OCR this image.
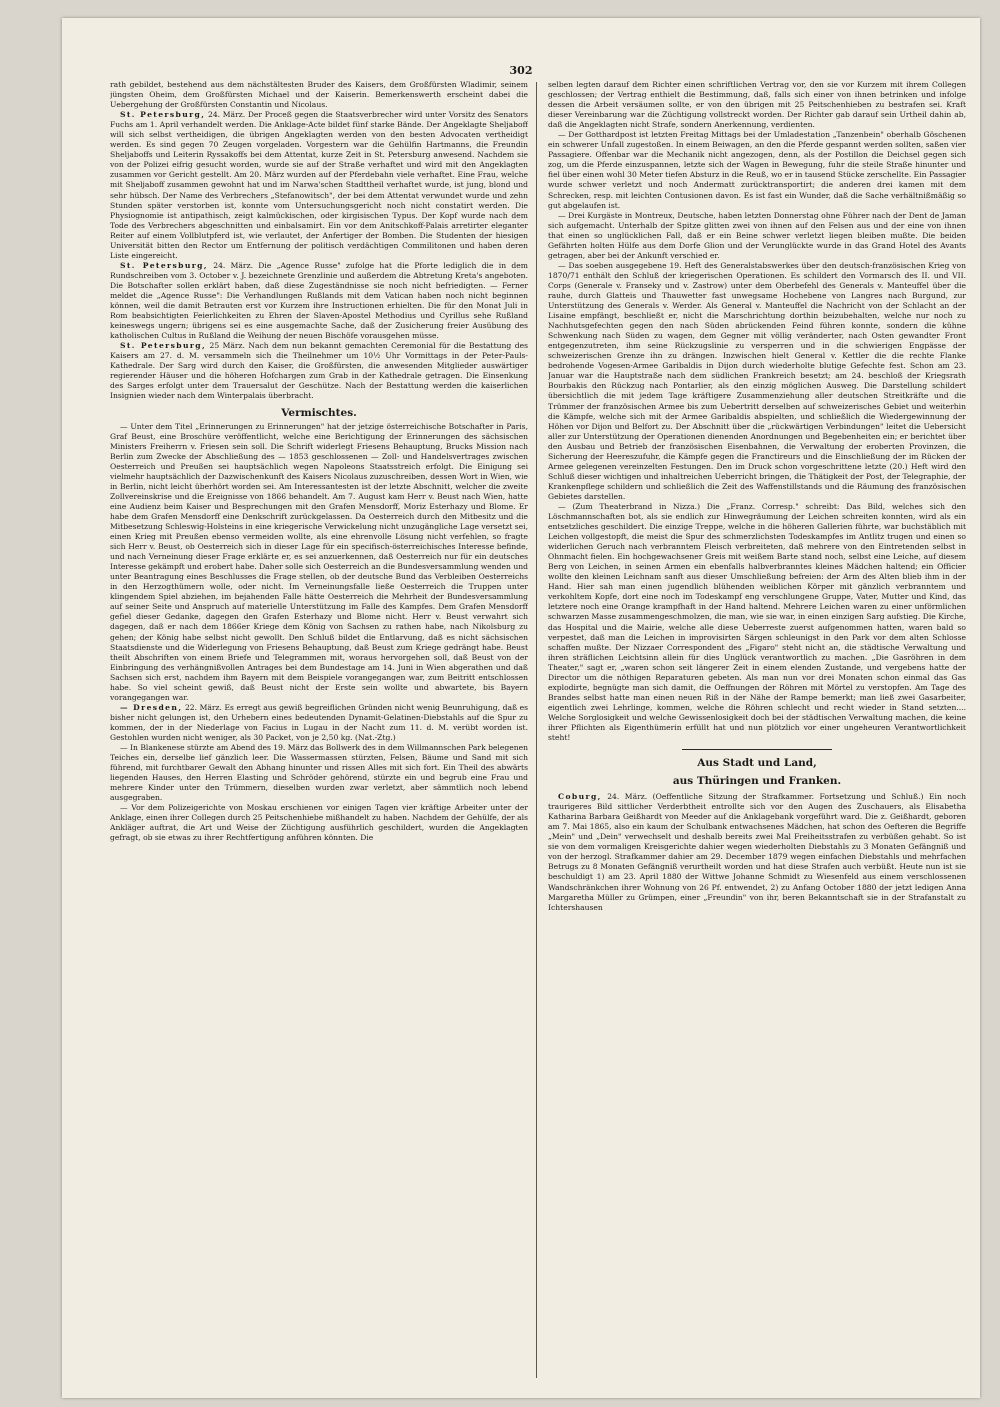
302

rath gebildet, bestehend aus dem nächstältesten Bruder des Kaisers, dem Großfürsten Wladimir, seinem jüngsten Oheim, dem Großfürsten Michael und der Kaiserin. Bemerkenswerth erscheint dabei die Uebergehung der Großfürsten Constantin und Nicolaus.

St. Petersburg, 24. März. Der Proceß gegen die Staatsverbrecher wird unter Vorsitz des Senators Fuchs am 1. April verhandelt werden. Die Anklage-Acte bildet fünf starke Bände. Der Angeklagte Sheljaboff will sich selbst vertheidigen, die übrigen Angeklagten werden von den besten Advocaten vertheidigt werden. Es sind gegen 70 Zeugen vorgeladen. Vorgestern war die Gehülfin Hartmanns, die Freundin Sheljaboffs und Leiterin Ryssakoffs bei dem Attentat, kurze Zeit in St. Petersburg anwesend. Nachdem sie von der Polizei eifrig gesucht worden, wurde sie auf der Straße verhaftet und wird mit den Angeklagten zusammen vor Gericht gestellt. Am 20. März wurden auf der Pferdebahn viele verhaftet. Eine Frau, welche mit Sheljaboff zusammen gewohnt hat und im Narwa'schen Stadttheil verhaftet wurde, ist jung, blond und sehr hübsch. Der Name des Verbrechers „Stefanowitsch", der bei dem Attentat verwundet wurde und zehn Stunden später verstorben ist, konnte vom Untersuchungsgericht noch nicht constatirt werden. Die Physiognomie ist antipathisch, zeigt kalmückischen, oder kirgisischen Typus. Der Kopf wurde nach dem Tode des Verbrechers abgeschnitten und einbalsamirt. Ein vor dem Anitschkoff-Palais arretirter eleganter Reiter auf einem Vollblutpferd ist, wie verlautet, der Anfertiger der Bomben. Die Studenten der hiesigen Universität bitten den Rector um Entfernung der politisch verdächtigen Commilitonen und haben deren Liste eingereicht.

St. Petersburg, 24. März. Die „Agence Russe" zufolge hat die Pforte lediglich die in dem Rundschreiben vom 3. October v. J. bezeichnete Grenzlinie und außerdem die Abtretung Kreta's angeboten. Die Botschafter sollen erklärt haben, daß diese Zugeständnisse sie noch nicht befriedigten. — Ferner meldet die „Agence Russe": Die Verhandlungen Rußlands mit dem Vatican haben noch nicht beginnen können, weil die damit Betrauten erst vor Kurzem ihre Instructionen erhielten. Die für den Monat Juli in Rom beabsichtigten Feierlichkeiten zu Ehren der Slaven-Apostel Methodius und Cyrillus sehe Rußland keineswegs ungern; übrigens sei es eine ausgemachte Sache, daß der Zusicherung freier Ausübung des katholischen Cultus in Rußland die Weihung der neuen Bischöfe vorausgehen müsse.

St. Petersburg, 25 März. Nach dem nun bekannt gemachten Ceremonial für die Bestattung des Kaisers am 27. d. M. versammeln sich die Theilnehmer um 10½ Uhr Vormittags in der Peter-Pauls-Kathedrale. Der Sarg wird durch den Kaiser, die Großfürsten, die anwesenden Mitglieder auswärtiger regierender Häuser und die höheren Hofchargen zum Grab in der Kathedrale getragen. Die Einsenkung des Sarges erfolgt unter dem Trauersalut der Geschütze. Nach der Bestattung werden die kaiserlichen Insignien wieder nach dem Winterpalais überbracht.

Vermischtes.

— Unter dem Titel „Erinnerungen zu Erinnerungen" hat der jetzige österreichische Botschafter in Paris, Graf Beust, eine Broschüre veröffentlicht, welche eine Berichtigung der Erinnerungen des sächsischen Ministers Freiherrn v. Friesen sein soll. Die Schrift widerlegt Friesens Behauptung, Brucks Mission nach Berlin zum Zwecke der Abschließung des — 1853 geschlossenen — Zoll- und Handelsvertrages zwischen Oesterreich und Preußen sei hauptsächlich wegen Napoleons Staatsstreich erfolgt. Die Einigung sei vielmehr hauptsächlich der Dazwischenkunft des Kaisers Nicolaus zuzuschreiben, dessen Wort in Wien, wie in Berlin, nicht leicht überhört worden sei. Am Interessantesten ist der letzte Abschnitt, welcher die zweite Zollvereinskrise und die Ereignisse von 1866 behandelt. Am 7. August kam Herr v. Beust nach Wien, hatte eine Audienz beim Kaiser und Besprechungen mit den Grafen Mensdorff, Moriz Esterhazy und Blome. Er habe dem Grafen Mensdorff eine Denkschrift zurückgelassen. Da Oesterreich durch den Mitbesitz und die Mitbesetzung Schleswig-Holsteins in eine kriegerische Verwickelung nicht unzugängliche Lage versetzt sei, einen Krieg mit Preußen ebenso vermeiden wollte, als eine ehrenvolle Lösung nicht verfehlen, so fragte sich Herr v. Beust, ob Oesterreich sich in dieser Lage für ein specifisch-österreichisches Interesse befinde, und nach Verneinung dieser Frage erklärte er, es sei anzuerkennen, daß Oesterreich nur für ein deutsches Interesse gekämpft und erobert habe. Daher solle sich Oesterreich an die Bundesversammlung wenden und unter Beantragung eines Beschlusses die Frage stellen, ob der deutsche Bund das Verbleiben Oesterreichs in den Herzogthümern wolle, oder nicht. Im Verneinungsfalle ließe Oesterreich die Truppen unter klingendem Spiel abziehen, im bejahenden Falle hätte Oesterreich die Mehrheit der Bundesversammlung auf seiner Seite und Anspruch auf materielle Unterstützung im Falle des Kampfes. Dem Grafen Mensdorff gefiel dieser Gedanke, dagegen den Grafen Esterhazy und Blome nicht. Herr v. Beust verwahrt sich dagegen, daß er nach dem 1866er Kriege dem König von Sachsen zu rathen habe, nach Nikolsburg zu gehen; der König habe selbst nicht gewollt. Den Schluß bildet die Entlarvung, daß es nicht sächsischen Staatsdienste und die Widerlegung von Friesens Behauptung, daß Beust zum Kriege gedrängt habe. Beust theilt Abschriften von einem Briefe und Telegrammen mit, woraus hervorgehen soll, daß Beust von der Einbringung des verhängnißvollen Antrages bei dem Bundestage am 14. Juni in Wien abgerathen und daß Sachsen sich erst, nachdem ihm Bayern mit dem Beispiele vorangegangen war, zum Beitritt entschlossen habe. So viel scheint gewiß, daß Beust nicht der Erste sein wollte und abwartete, bis Bayern vorangegangen war.

— Dresden, 22. März. Es erregt aus gewiß begreiflichen Gründen nicht wenig Beunruhigung, daß es bisher nicht gelungen ist, den Urhebern eines bedeutenden Dynamit-Gelatinen-Diebstahls auf die Spur zu kommen, der in der Niederlage von Facius in Lugau in der Nacht zum 11. d. M. verübt worden ist. Gestohlen wurden nicht weniger, als 30 Packet, von je 2,50 kg. (Nat.-Ztg.)

— In Blankenese stürzte am Abend des 19. März das Bollwerk des in dem Willmannschen Park belegenen Teiches ein, derselbe lief gänzlich leer. Die Wassermassen stürzten, Felsen, Bäume und Sand mit sich führend, mit furchtbarer Gewalt den Abhang hinunter und rissen Alles mit sich fort. Ein Theil des abwärts liegenden Hauses, den Herren Elasting und Schröder gehörend, stürzte ein und begrub eine Frau und mehrere Kinder unter den Trümmern, dieselben wurden zwar verletzt, aber sämmtlich noch lebend ausgegraben.

— Vor dem Polizeigerichte von Moskau erschienen vor einigen Tagen vier kräftige Arbeiter unter der Anklage, einen ihrer Collegen durch 25 Peitschenhiebe mißhandelt zu haben. Nachdem der Gehülfe, der als Ankläger auftrat, die Art und Weise der Züchtigung ausführlich geschildert, wurden die Angeklagten gefragt, ob sie etwas zu ihrer Rechtfertigung anführen könnten. Die

selben legten darauf dem Richter einen schriftlichen Vertrag vor, den sie vor Kurzem mit ihrem Collegen geschlossen; der Vertrag enthielt die Bestimmung, daß, falls sich einer von ihnen betrinken und infolge dessen die Arbeit versäumen sollte, er von den übrigen mit 25 Peitschenhieben zu bestrafen sei. Kraft dieser Vereinbarung war die Züchtigung vollstreckt worden. Der Richter gab darauf sein Urtheil dahin ab, daß die Angeklagten nicht Strafe, sondern Anerkennung, verdienten.

— Der Gotthardpost ist letzten Freitag Mittags bei der Umladestation „Tanzenbein" oberhalb Göschenen ein schwerer Unfall zugestoßen. In einem Beiwagen, an den die Pferde gespannt werden sollten, saßen vier Passagiere. Offenbar war die Mechanik nicht angezogen, denn, als der Postillon die Deichsel gegen sich zog, um die Pferde einzuspannen, letzte sich der Wagen in Bewegung, fuhr die steile Straße hinunter und fiel über einen wohl 30 Meter tiefen Absturz in die Reuß, wo er in tausend Stücke zerschellte. Ein Passagier wurde schwer verletzt und noch Andermatt zurücktransportirt; die anderen drei kamen mit dem Schrecken, resp. mit leichten Contusionen davon. Es ist fast ein Wunder, daß die Sache verhältnißmäßig so gut abgelaufen ist.

— Drei Kurgäste in Montreux, Deutsche, haben letzten Donnerstag ohne Führer nach der Dent de Jaman sich aufgemacht. Unterhalb der Spitze glitten zwei von ihnen auf den Felsen aus und der eine von ihnen that einen so unglücklichen Fall, daß er ein Beine schwer verletzt liegen bleiben mußte. Die beiden Gefährten holten Hülfe aus dem Dorfe Glion und der Verunglückte wurde in das Grand Hotel des Avants getragen, aber bei der Ankunft verschied er.

— Das soeben ausgegebene 19. Heft des Generalstabswerkes über den deutsch-französischen Krieg von 1870/71 enthält den Schluß der kriegerischen Operationen. Es schildert den Vormarsch des II. und VII. Corps (Generale v. Franseky und v. Zastrow) unter dem Oberbefehl des Generals v. Manteuffel über die rauhe, durch Glatteis und Thauwetter fast unwegsame Hochebene von Langres nach Burgund, zur Unterstützung des Generals v. Werder. Als General v. Manteuffel die Nachricht von der Schlacht an der Lisaine empfängt, beschließt er, nicht die Marschrichtung dorthin beizubehalten, welche nur noch zu Nachhutsgefechten gegen den nach Süden abrückenden Feind führen konnte, sondern die kühne Schwenkung nach Süden zu wagen, dem Gegner mit völlig veränderter, nach Osten gewandter Front entgegenzutreten, ihm seine Rückzugslinie zu versperren und in die schwierigen Engpässe der schweizerischen Grenze ihn zu drängen. Inzwischen hielt General v. Kettler die die rechte Flanke bedrohende Vogesen-Armee Garibaldis in Dijon durch wiederholte blutige Gefechte fest. Schon am 23. Januar war die Hauptstraße nach dem südlichen Frankreich besetzt; am 24. beschloß der Kriegsrath Bourbakis den Rückzug nach Pontarlier, als den einzig möglichen Ausweg. Die Darstellung schildert übersichtlich die mit jedem Tage kräftigere Zusammenziehung aller deutschen Streitkräfte und die Trümmer der französischen Armee bis zum Uebertritt derselben auf schweizerisches Gebiet und weiterhin die Kämpfe, welche sich mit der Armee Garibaldis abspielten, und schließlich die Wiedergewinnung der Höhen vor Dijon und Belfort zu. Der Abschnitt über die „rückwärtigen Verbindungen" leitet die Uebersicht aller zur Unterstützung der Operationen dienenden Anordnungen und Begebenheiten ein; er berichtet über den Ausbau und Betrieb der französischen Eisenbahnen, die Verwaltung der eroberten Provinzen, die Sicherung der Heereszufuhr, die Kämpfe gegen die Franctireurs und die Einschließung der im Rücken der Armee gelegenen vereinzelten Festungen. Den im Druck schon vorgeschrittene letzte (20.) Heft wird den Schluß dieser wichtigen und inhaltreichen Ueberricht bringen, die Thätigkeit der Post, der Telegraphie, der Krankenpflege schildern und schließlich die Zeit des Waffenstillstands und die Räumung des französischen Gebietes darstellen.

— (Zum Theaterbrand in Nizza.) Die „Franz. Corresp." schreibt: Das Bild, welches sich den Löschmannschaften bot, als sie endlich zur Hinwegräumung der Leichen schreiten konnten, wird als ein entsetzliches geschildert. Die einzige Treppe, welche in die höheren Gallerien führte, war buchstäblich mit Leichen vollgestopft, die meist die Spur des schmerzlichsten Todeskampfes im Antlitz trugen und einen so widerlichen Geruch nach verbranntem Fleisch verbreiteten, daß mehrere von den Eintretenden selbst in Ohnmacht fielen. Ein hochgewachsener Greis mit weißem Barte stand noch, selbst eine Leiche, auf diesem Berg von Leichen, in seinen Armen ein ebenfalls halbverbranntes kleines Mädchen haltend; ein Officier wollte den kleinen Leichnam sanft aus dieser Umschließung befreien: der Arm des Alten blieb ihm in der Hand. Hier sah man einen jugendlich blühenden weiblichen Körper mit gänzlich verbranntem und verkohltem Kopfe, dort eine noch im Todeskampf eng verschlungene Gruppe, Vater, Mutter und Kind, das letztere noch eine Orange krampfhaft in der Hand haltend. Mehrere Leichen waren zu einer unförmlichen schwarzen Masse zusammengeschmolzen, die man, wie sie war, in einen einzigen Sarg aufstieg. Die Kirche, das Hospital und die Mairie, welche alle diese Ueberreste zuerst aufgenommen hatten, waren bald so verpestet, daß man die Leichen in improvisirten Särgen schleunigst in den Park vor dem alten Schlosse schaffen mußte. Der Nizzaer Correspondent des „Figaro" steht nicht an, die städtische Verwaltung und ihren sträflichen Leichtsinn allein für dies Unglück verantwortlich zu machen. „Die Gasröhren in dem Theater," sagt er, „waren schon seit längerer Zeit in einem elenden Zustande, und vergebens hatte der Director um die nöthigen Reparaturen gebeten. Als man nun vor drei Monaten schon einmal das Gas explodirte, begnügte man sich damit, die Oeffnungen der Röhren mit Mörtel zu verstopfen. Am Tage des Brandes selbst hatte man einen neuen Riß in der Nähe der Rampe bemerkt; man ließ zwei Gasarbeiter, eigentlich zwei Lehrlinge, kommen, welche die Röhren schlecht und recht wieder in Stand setzten.... Welche Sorglosigkeit und welche Gewissenlosigkeit doch bei der städtischen Verwaltung machen, die keine ihrer Pflichten als Eigenthümerin erfüllt hat und nun plötzlich vor einer ungeheuren Verantwortlichkeit steht!

Aus Stadt und Land,
aus Thüringen und Franken.

Coburg, 24. März. (Oeffentliche Sitzung der Strafkammer. Fortsetzung und Schluß.) Ein noch traurigeres Bild sittlicher Verderbtheit entrollte sich vor den Augen des Zuschauers, als Elisabetha Katharina Barbara Geißhardt von Meeder auf die Anklagebank vorgeführt ward. Die z. Geißhardt, geboren am 7. Mai 1865, also ein kaum der Schulbank entwachsenes Mädchen, hat schon des Oefteren die Begriffe „Mein" und „Dein" verwechselt und deshalb bereits zwei Mal Freiheitsstrafen zu verbüßen gehabt. So ist sie von dem vormaligen Kreisgerichte dahier wegen wiederholten Diebstahls zu 3 Monaten Gefängniß und von der herzogl. Strafkammer dahier am 29. December 1879 wegen einfachen Diebstahls und mehrfachen Betrugs zu 8 Monaten Gefängniß verurtheilt worden und hat diese Strafen auch verbüßt. Heute nun ist sie beschuldigt 1) am 23. April 1880 der Wittwe Johanne Schmidt zu Wiesenfeld aus einem verschlossenen Wandschränkchen ihrer Wohnung von 26 Pf. entwendet, 2) zu Anfang October 1880 der jetzt ledigen Anna Margaretha Müller zu Grümpen, einer „Freundin" von ihr, beren Bekanntschaft sie in der Strafanstalt zu Ichtershausen
